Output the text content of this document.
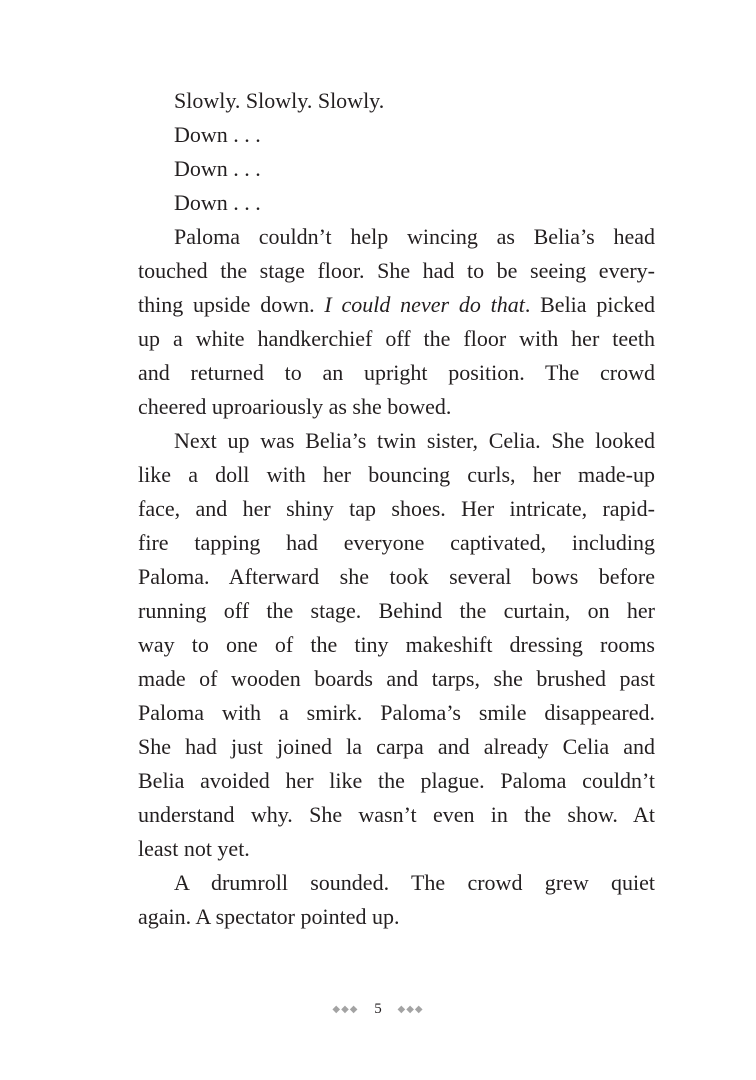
Slowly. Slowly. Slowly.
Down . . .
Down . . .
Down . . .
Paloma couldn’t help wincing as Belia’s head
touched the stage floor. She had to be seeing every-
thing upside down. I could never do that. Belia picked
up a white handkerchief off the floor with her teeth
and returned to an upright position. The crowd
cheered uproariously as she bowed.
Next up was Belia’s twin sister, Celia. She looked
like a doll with her bouncing curls, her made-up
face, and her shiny tap shoes. Her intricate, rapid-
fire tapping had everyone captivated, including
Paloma. Afterward she took several bows before
running off the stage. Behind the curtain, on her
way to one of the tiny makeshift dressing rooms
made of wooden boards and tarps, she brushed past
Paloma with a smirk. Paloma’s smile disappeared.
She had just joined la carpa and already Celia and
Belia avoided her like the plague. Paloma couldn’t
understand why. She wasn’t even in the show. At
least not yet.
A drumroll sounded. The crowd grew quiet
again. A spectator pointed up.
◆◆◆ 5 ◆◆◆
